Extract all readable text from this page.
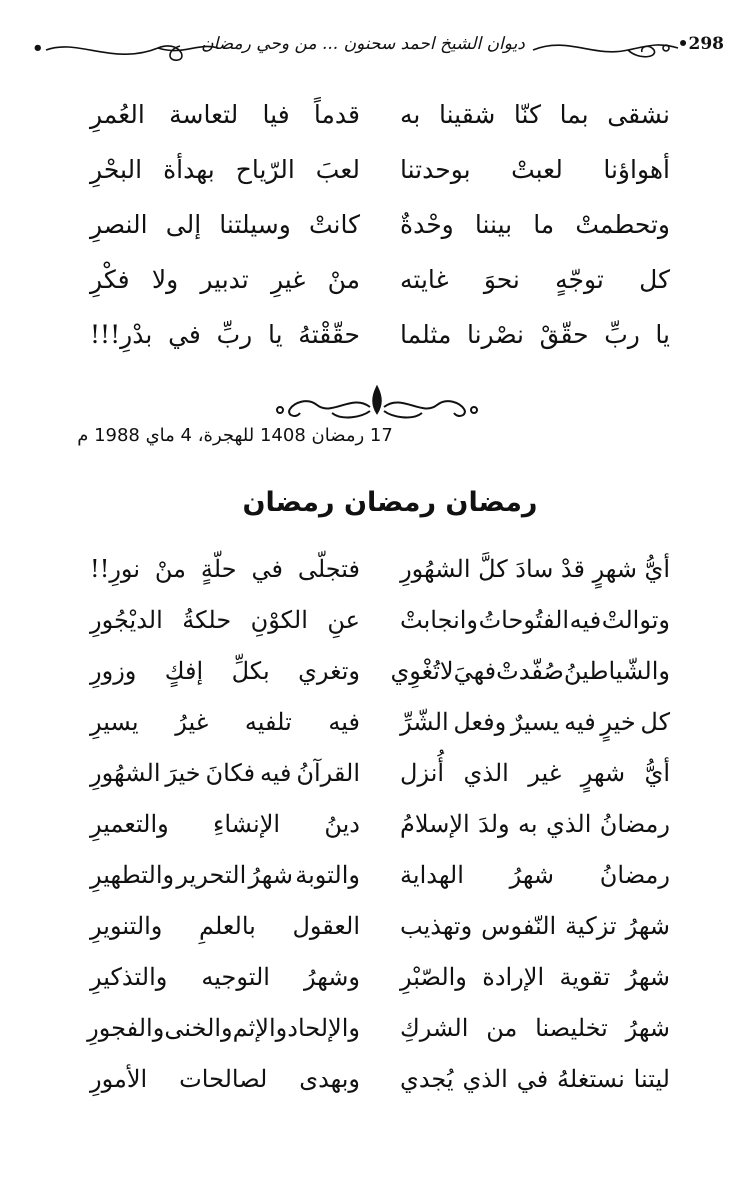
•	•298
ديوان الشيخ احمد سحنون ... من وحي رمضان
نشقى
بما
كنّا
شقينا
به
قدماً
فيا
لتعاسة
العُمرِ
أهواؤنا
لعبتْ
بوحدتنا
لعبَ
الرّياح
بهدأة
البحْرِ
وتحطمتْ
ما
بيننا
وحْدةٌ
كانتْ
وسيلتنا
إلى
النصرِ
كل
توجّهٍ
نحوَ
غايته
منْ
غيرِ
تدبير
ولا
فكْرِ
يا
ربِّ
حقّقْ
نصْرنا
مثلما
حقّقْتهُ
يا
ربِّ
في
بدْرِ!!!
17 رمضان 1408 للهجرة، 4 ماي 1988 م
رمضان رمضان رمضان
أيُّ
شهرٍ
قدْ
سادَ
كلَّ
الشهُورِ
فتجلّى
في
حلّةٍ
منْ
نورِ!!
وتوالتْ
فيه
الفتُوحاتُ
وانجابتْ
عنِ
الكوْنِ
حلكةُ
الديْجُورِ
والشّياطينُ
صُفّدتْ
فهيَ
لا
تُغْوِي
وتغري
بكلِّ
إفكٍ
وزورِ
كل
خيرٍ
فيه
يسيرٌ
وفعل
الشّرِّ
فيه
تلفيه
غيرُ
يسيرِ
أيُّ
شهرٍ
غير
الذي
أُنزل
القرآنُ
فيه
فكانَ
خيرَ
الشهُورِ
رمضانُ
الذي
به
ولدَ
الإسلامُ
دينُ
الإنشاءِ
والتعميرِ
رمضانُ
شهرُ
الهداية
والتوبة
شهرُ
التحرير
والتطهيرِ
شهرُ
تزكية
النّفوس
وتهذيب
العقول
بالعلمِ
والتنويرِ
شهرُ
تقوية
الإرادة
والصّبْرِ
وشهرُ
التوجيه
والتذكيرِ
شهرُ
تخليصنا
من
الشركِ
والإلحاد
والإثم
والخنى
والفجورِ
ليتنا
نستغلهُ
في
الذي
يُجدي
وبهدى
لصالحات
الأمورِ
